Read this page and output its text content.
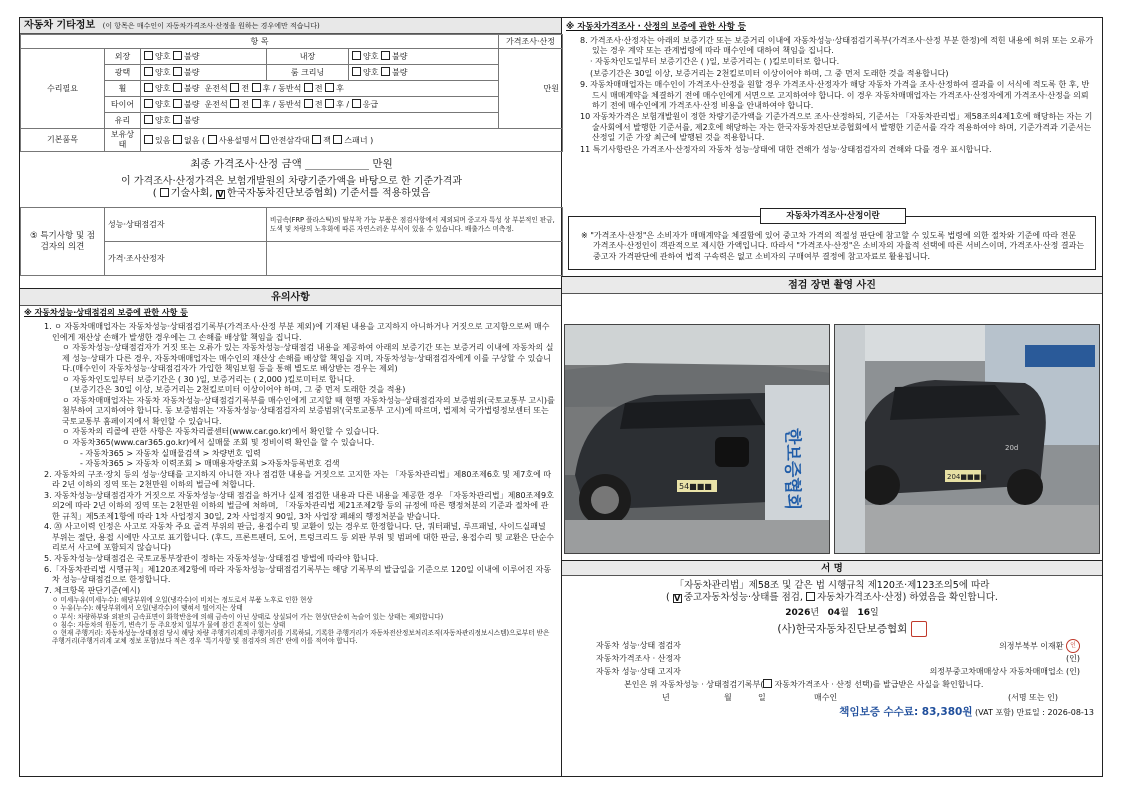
자동차 기타정보 (이 항목은 매수인이 자동차가격조사·산정을 원하는 경우에만 적습니다)
항 목					가격조사·산정
수리필요	외장	양호 불량	내장	양호 불량	만원
	광택	양호 불량	룸 크리닝	양호 불량	
	휠	양호 불량 운전석 전 후 / 동반석 전 후			
	타이어	양호 불량 운전석 전 후 / 동반석 전 후 / 응급			
	유리	양호 불량			
기본품목	보유상태	있음 없음 ( 사용설명서 안전삼각대 잭 스패너 )			

최종 가격조사·산정 금액 만원
이 가격조사·산정가격은 보험개발원의 차량기준가액을 바탕으로 한 기준가격과
( 기술사회, V 한국자동차진단보증협회) 기준서를 적용하였음					

⑤ 특기사항 및 점검자의 의견	성능·상태점검자		비금속(FRP 플라스틱)의 탈부착 가능 부품은 점검사항에서 제외되며 중고자 특성 상 부분적인 판금,도색 및 차량의 노후화에 따른 자연스러운 부식이 있을 수 있습니다. 배출가스 미측정.		
	가격·조사산정자				
유의사항
※ 자동차성능·상태점검의 보증에 관한 사항 등

1. ㅇ 자동차매매업자는 자동차성능·상태점검기록부(가격조사·산정 부분 제외)에 기재된 내용을 고지하지 아니하거나 거짓으로 고지함으로써 매수인에게 재산상 손해가 발생한 경우에는 그 손해를 배상할 책임을 집니다.

ㅇ 자동차성능·상태점검자가 거짓 또는 오류가 있는 자동차성능·상태점검 내용을 제공하여 아래의 보증기간 또는 보증거리 이내에 자동차의 실제 성능·상태가 다른 경우, 자동차매매업자는 매수인의 재산상 손해를 배상할 책임을 지며, 자동차성능·상태점검자에게 이를 구상할 수 있습니다.(매수인이 자동차성능·상태점검자가 가입한 책임보험 등을 통해 별도로 배상받는 경우는 제외)

ㅇ 자동차인도일부터 보증기간은 ( 30 )일, 보증거리는 ( 2,000 )킬로미터로 합니다.

(보증기간은 30일 이상, 보증거리는 2천킬로미터 이상이어야 하며, 그 중 먼저 도래한 것을 적용)

ㅇ 자동차매매업자는 자동차 자동차성능·상태점검기록부를 매수인에게 고지할 때 현행 자동차성능·상태점검자의 보증범위(국토교통부 고시)를 첨부하여 고지하여야 합니다. 동 보증범위는 '자동차성능·상태점검자의 보증범위'(국토교통부 고시)에 따르며, 법제처 국가법령정보센터 또는 국토교통부 홈페이지에서 확인할 수 있습니다.

ㅇ 자동차의 리콜에 관한 사항은 자동차리콜센터(www.car.go.kr)에서 확인할 수 있습니다.

ㅇ 자동차365(www.car365.go.kr)에서 실매물 조회 및 정비이력 확인을 할 수 있습니다.

- 자동차365 > 자동차 실매물검색 > 차량번호 입력

- 자동차365 > 자동차 이력조회 > 매매용자량조회 >자동차등록번호 검색

2. 자동차의 구조·장치 등의 성능·상태를 고지하지 아니한 자나 점검한 내용을 거짓으로 고지한 자는 「자동차관리법」제80조제6호 및 제7호에 따라 2년 이하의 징역 또는 2천만원 이하의 벌금에 처합니다.

3. 자동차성능·상태점검자가 거짓으로 자동차성능·상태 점검을 하거나 실제 점검한 내용과 다른 내용을 제공한 경우 「자동차관리법」제80조제9호의2에 따라 2년 이하의 징역 또는 2천만원 이하의 벌금에 처하며, 「자동차관리법 제21조제2항 등의 규정에 따른 행정처분의 기준과 절차에 관한 규칙」제5조제1항에 따라 1차 사업정지 30일, 2차 사업정지 90일, 3차 사업장 폐쇄의 행정처분을 받습니다.

4. ⑳ 사고이력 인정은 사고로 자동차 주요 골격 부위의 판금, 용접수리 및 교환이 있는 경우로 한정합니다. 단, 쿼터패널, 루프패널, 사이드실패널 부위는 절단, 용접 시에만 사고로 표기합니다. (후드, 프론트펜더, 도어, 트렁크리드 등 외판 부위 및 범퍼에 대한 판금, 용접수리 및 교환은 단순수리로서 사고에 포함되지 않습니다)

5. 자동차성능·상태점검은 국토교통부장관이 정하는 자동차성능·상태점검 방법에 따라야 합니다.

6.「자동차관리법 시행규칙」제120조제2항에 따라 자동차성능·상태점검기록부는 해당 기록부의 발급일을 기준으로 120일 이내에 이루어진 자동차 성능·상태점검으로 한정합니다.

7. 체크항목 판단기준(예시)

ㅇ 미세누유(미세누수): 해당부위에 오일(냉각수)이 비치는 정도로서 부품 노후로 인한 현상

ㅇ 누유(누수): 해당부위에서 오일(냉각수)이 맺혀서 떨어지는 상태

ㅇ 부식: 차량하부와 외판의 금속표면이 화학반응에 의해 금속이 아닌 상태로 상실되어 가는 현상(단순히 녹슬어 있는 상태는 제외합니다)

ㅇ 침수: 자동차의 원동기, 변속기 등 주요장치 일부가 물에 잠긴 흔적이 있는 상태

ㅇ 현재 주행거리: 자동차성능·상태점검 당시 해당 차량 주행거리계의 주행거리를 기록하되, 기록한 주행거리가 자동차전산정보처리조직(자동차관리정보시스템)으로부터 받은 주행거리(주행거리계 교체 정보 포함)보다 적은 경우 '특기사항 및 점검자의 의견' 란에 이를 적어야 합니다.

※ 자동차가격조사 · 산정의 보증에 관한 사항 등

8. 가격조사·산정자는 아래의 보증기간 또는 보증거리 이내에 자동차성능·상태점검기록부(가격조사·산정 부분 한정)에 적힌 내용에 허위 또는 오류가 있는 경우 계약 또는 관계법령에 따라 매수인에 대하여 책임을 집니다.

· 자동차인도일부터 보증기간은 ( )일, 보증거리는 ( )킬로미터로 합니다.

(보증기간은 30일 이상, 보증거리는 2천킬로미터 이상이어야 하며, 그 중 먼저 도래한 것을 적용합니다)

9. 자동차매매업자는 매수인이 가격조사·산정을 원할 경우 가격조사·산정자가 해당 자동차 가격을 조사·산정하여 결과를 이 서식에 적도록 한 후, 반드시 매매계약을 체결하기 전에 매수인에게 서면으로 고지하여야 합니다. 이 경우 자동차매매업자는 가격조사·산정자에게 가격조사·산정을 의뢰하기 전에 매수인에게 가격조사·산정 비용을 안내하여야 합니다.

10 자동차가격은 보험개발원이 정한 차량기준가액을 기준가격으로 조사·산정하되, 기준서는 「자동차관리법」제58조의4제1호에 해당하는 자는 기술사회에서 발행한 기준서를, 제2호에 해당하는 자는 한국자동차진단보증협회에서 발행한 기준서를 각각 적용하여야 하며, 기준가격과 기준서는 산정일 기준 가장 최근에 발행된 것을 적용합니다.

11 특기사항란은 가격조사·산정자의 자동차 성능·상태에 대한 견해가 성능·상태점검자의 견해와 다를 경우 표시합니다.

※ "가격조사·산정"은 소비자가 매매계약을 체결함에 있어 중고차 가격의 적절성 판단에 참고할 수 있도록 법령에 의한 절차와 기준에 따라 전문 가격조사·산정인이 객관적으로 제시한 가액입니다. 따라서 "가격조사·산정"은 소비자의 자율적 선택에 따른 서비스이며, 가격조사·산정 결과는 중고자 가격판단에 관하여 법적 구속력은 없고 소비자의 구매여부 결정에 참고자료로 활용됩니다.
자동차가격조사·산정이란
점검 장면 촬영 사진
54■■■	한보증협회	204■■■■
20d
서 명
「자동차관리법」제58조 및 같은 법 시행규칙 제120조·제123조의5에 따라
( V 중고자동차성능·상태를 점검, 자동차가격조사·산정) 하였음을 확인합니다.
2026년 04월 16일
(사)한국자동차진단보증협회
자동차 성능·상태 점검자	의정부북부 이재환 인
자동차가격조사 · 산정자	(인)
자동차 성능·상태 고지자	의정부중고차매매상사 자동차매매업소 (인)
본인은 위 자동차성능 · 상태점검기록부( 자동차가격조사 · 산정 선택)를 발급받은 사실을 확인합니다.
년	월	일	매수인	(서명 또는 인)
책임보증 수수료: 83,380원 (VAT 포함) 만료일 : 2026-08-13
